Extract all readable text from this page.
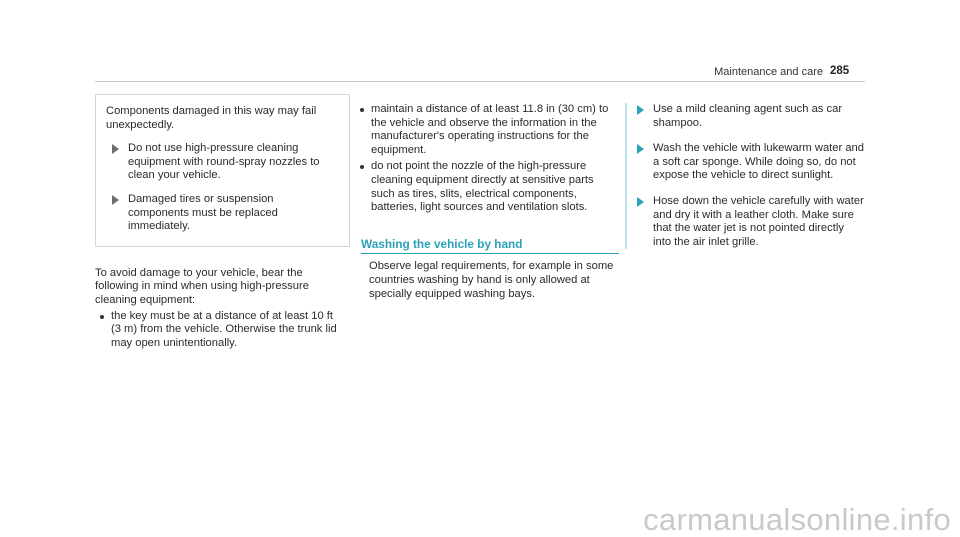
Maintenance and care 285

Components damaged in this way may fail unexpectedly.

Do not use high-pressure cleaning equipment with round-spray nozzles to clean your vehicle.
Damaged tires or suspension components must be replaced immediately.

To avoid damage to your vehicle, bear the following in mind when using high-pressure cleaning equipment:

the key must be at a distance of at least 10 ft (3 m) from the vehicle. Otherwise the trunk lid may open unintentionally.
maintain a distance of at least 11.8 in (30 cm) to the vehicle and observe the information in the manufacturer's operating instructions for the equipment.
do not point the nozzle of the high-pressure cleaning equipment directly at sensitive parts such as tires, slits, electrical components, batteries, light sources and ventilation slots.
Washing the vehicle by hand

Observe legal requirements, for example in some countries washing by hand is only allowed at specially equipped washing bays.

Use a mild cleaning agent such as car shampoo.
Wash the vehicle with lukewarm water and a soft car sponge. While doing so, do not expose the vehicle to direct sunlight.
Hose down the vehicle carefully with water and dry it with a leather cloth. Make sure that the water jet is not pointed directly into the air inlet grille.
carmanualsonline.info
